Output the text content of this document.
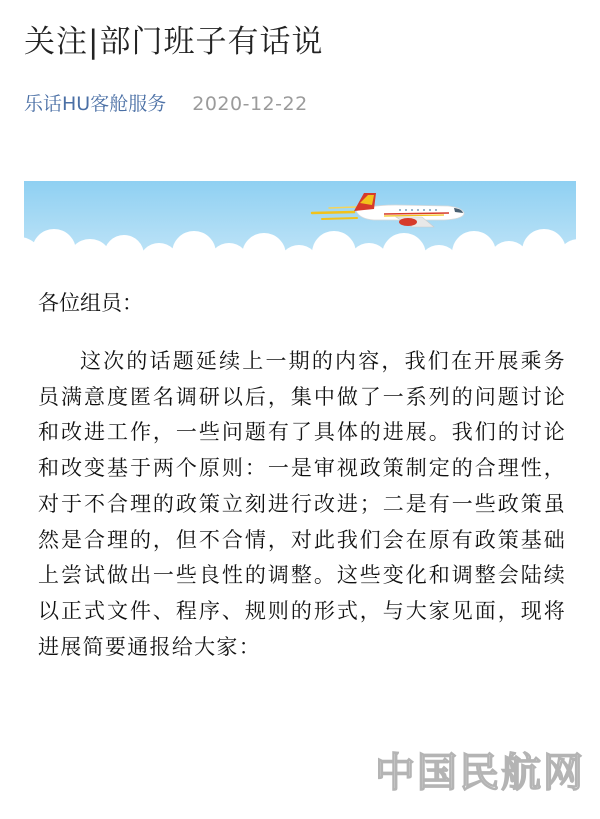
关注|部门班子有话说
乐话HU客舱服务 2020-12-22
各位组员：
这次的话题延续上一期的内容，我们在开展乘务员满意度匿名调研以后，集中做了一系列的问题讨论和改进工作，一些问题有了具体的进展。我们的讨论和改变基于两个原则：一是审视政策制定的合理性，对于不合理的政策立刻进行改进；二是有一些政策虽然是合理的，但不合情，对此我们会在原有政策基础上尝试做出一些良性的调整。这些变化和调整会陆续以正式文件、程序、规则的形式，与大家见面，现将进展简要通报给大家：
中国民航网
